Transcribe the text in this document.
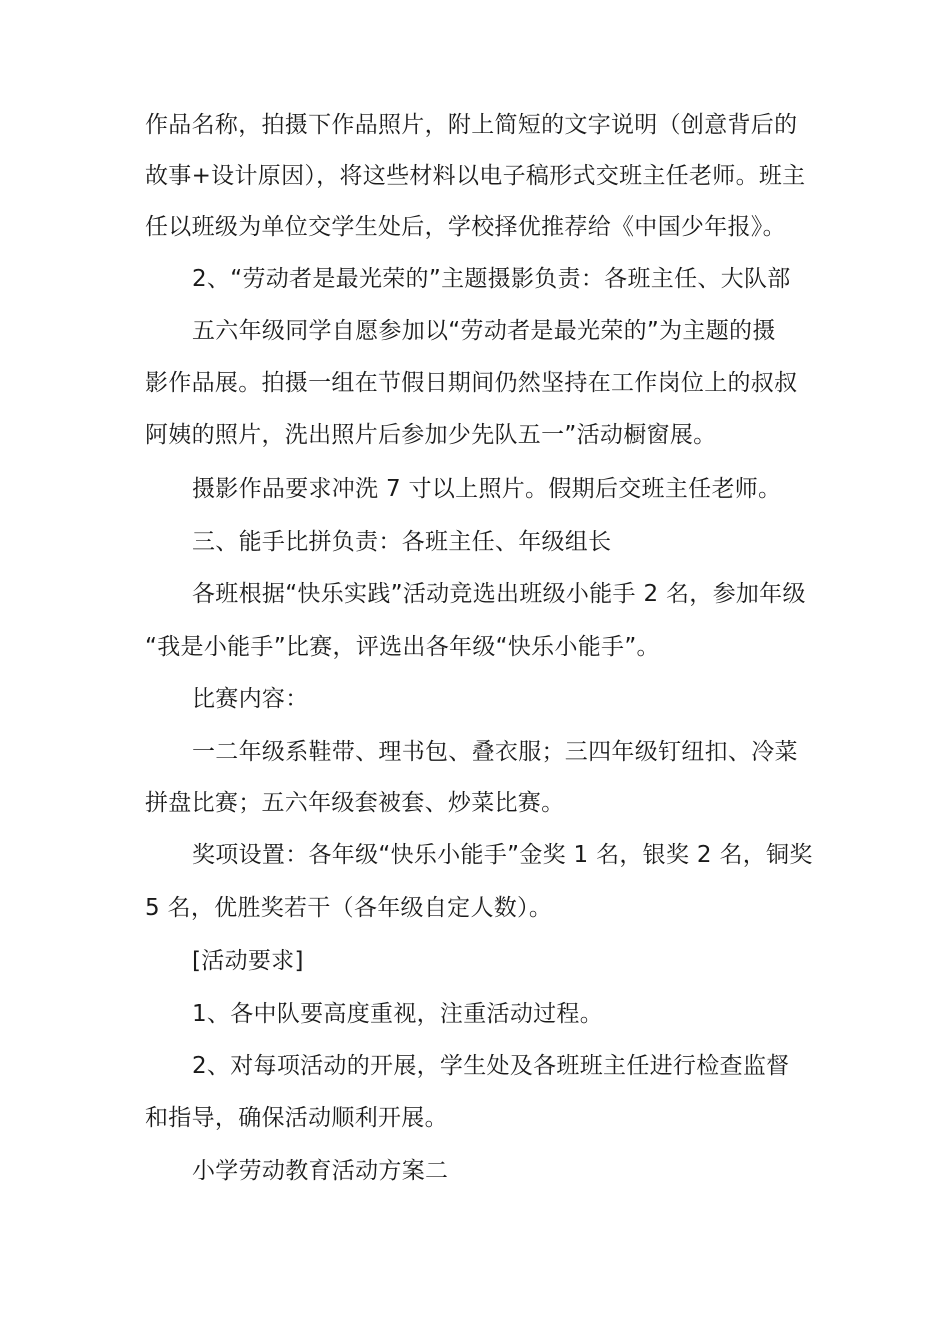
作品名称，拍摄下作品照片，附上简短的文字说明（创意背后的
故事+设计原因），将这些材料以电子稿形式交班主任老师。班主
任以班级为单位交学生处后，学校择优推荐给《中国少年报》。
2、“劳动者是最光荣的”主题摄影负责：各班主任、大队部
五六年级同学自愿参加以“劳动者是最光荣的”为主题的摄
影作品展。拍摄一组在节假日期间仍然坚持在工作岗位上的叔叔
阿姨的照片，洗出照片后参加少先队五一”活动橱窗展。
摄影作品要求冲洗 7 寸以上照片。假期后交班主任老师。
三、能手比拼负责：各班主任、年级组长
各班根据“快乐实践”活动竞选出班级小能手 2 名，参加年级
“我是小能手”比赛，评选出各年级“快乐小能手”。
比赛内容：
一二年级系鞋带、理书包、叠衣服；三四年级钉纽扣、冷菜
拼盘比赛；五六年级套被套、炒菜比赛。
奖项设置：各年级“快乐小能手”金奖 1 名，银奖 2 名，铜奖
5 名，优胜奖若干（各年级自定人数）。
[活动要求]
1、各中队要高度重视，注重活动过程。
2、对每项活动的开展，学生处及各班班主任进行检查监督
和指导，确保活动顺利开展。
小学劳动教育活动方案二
